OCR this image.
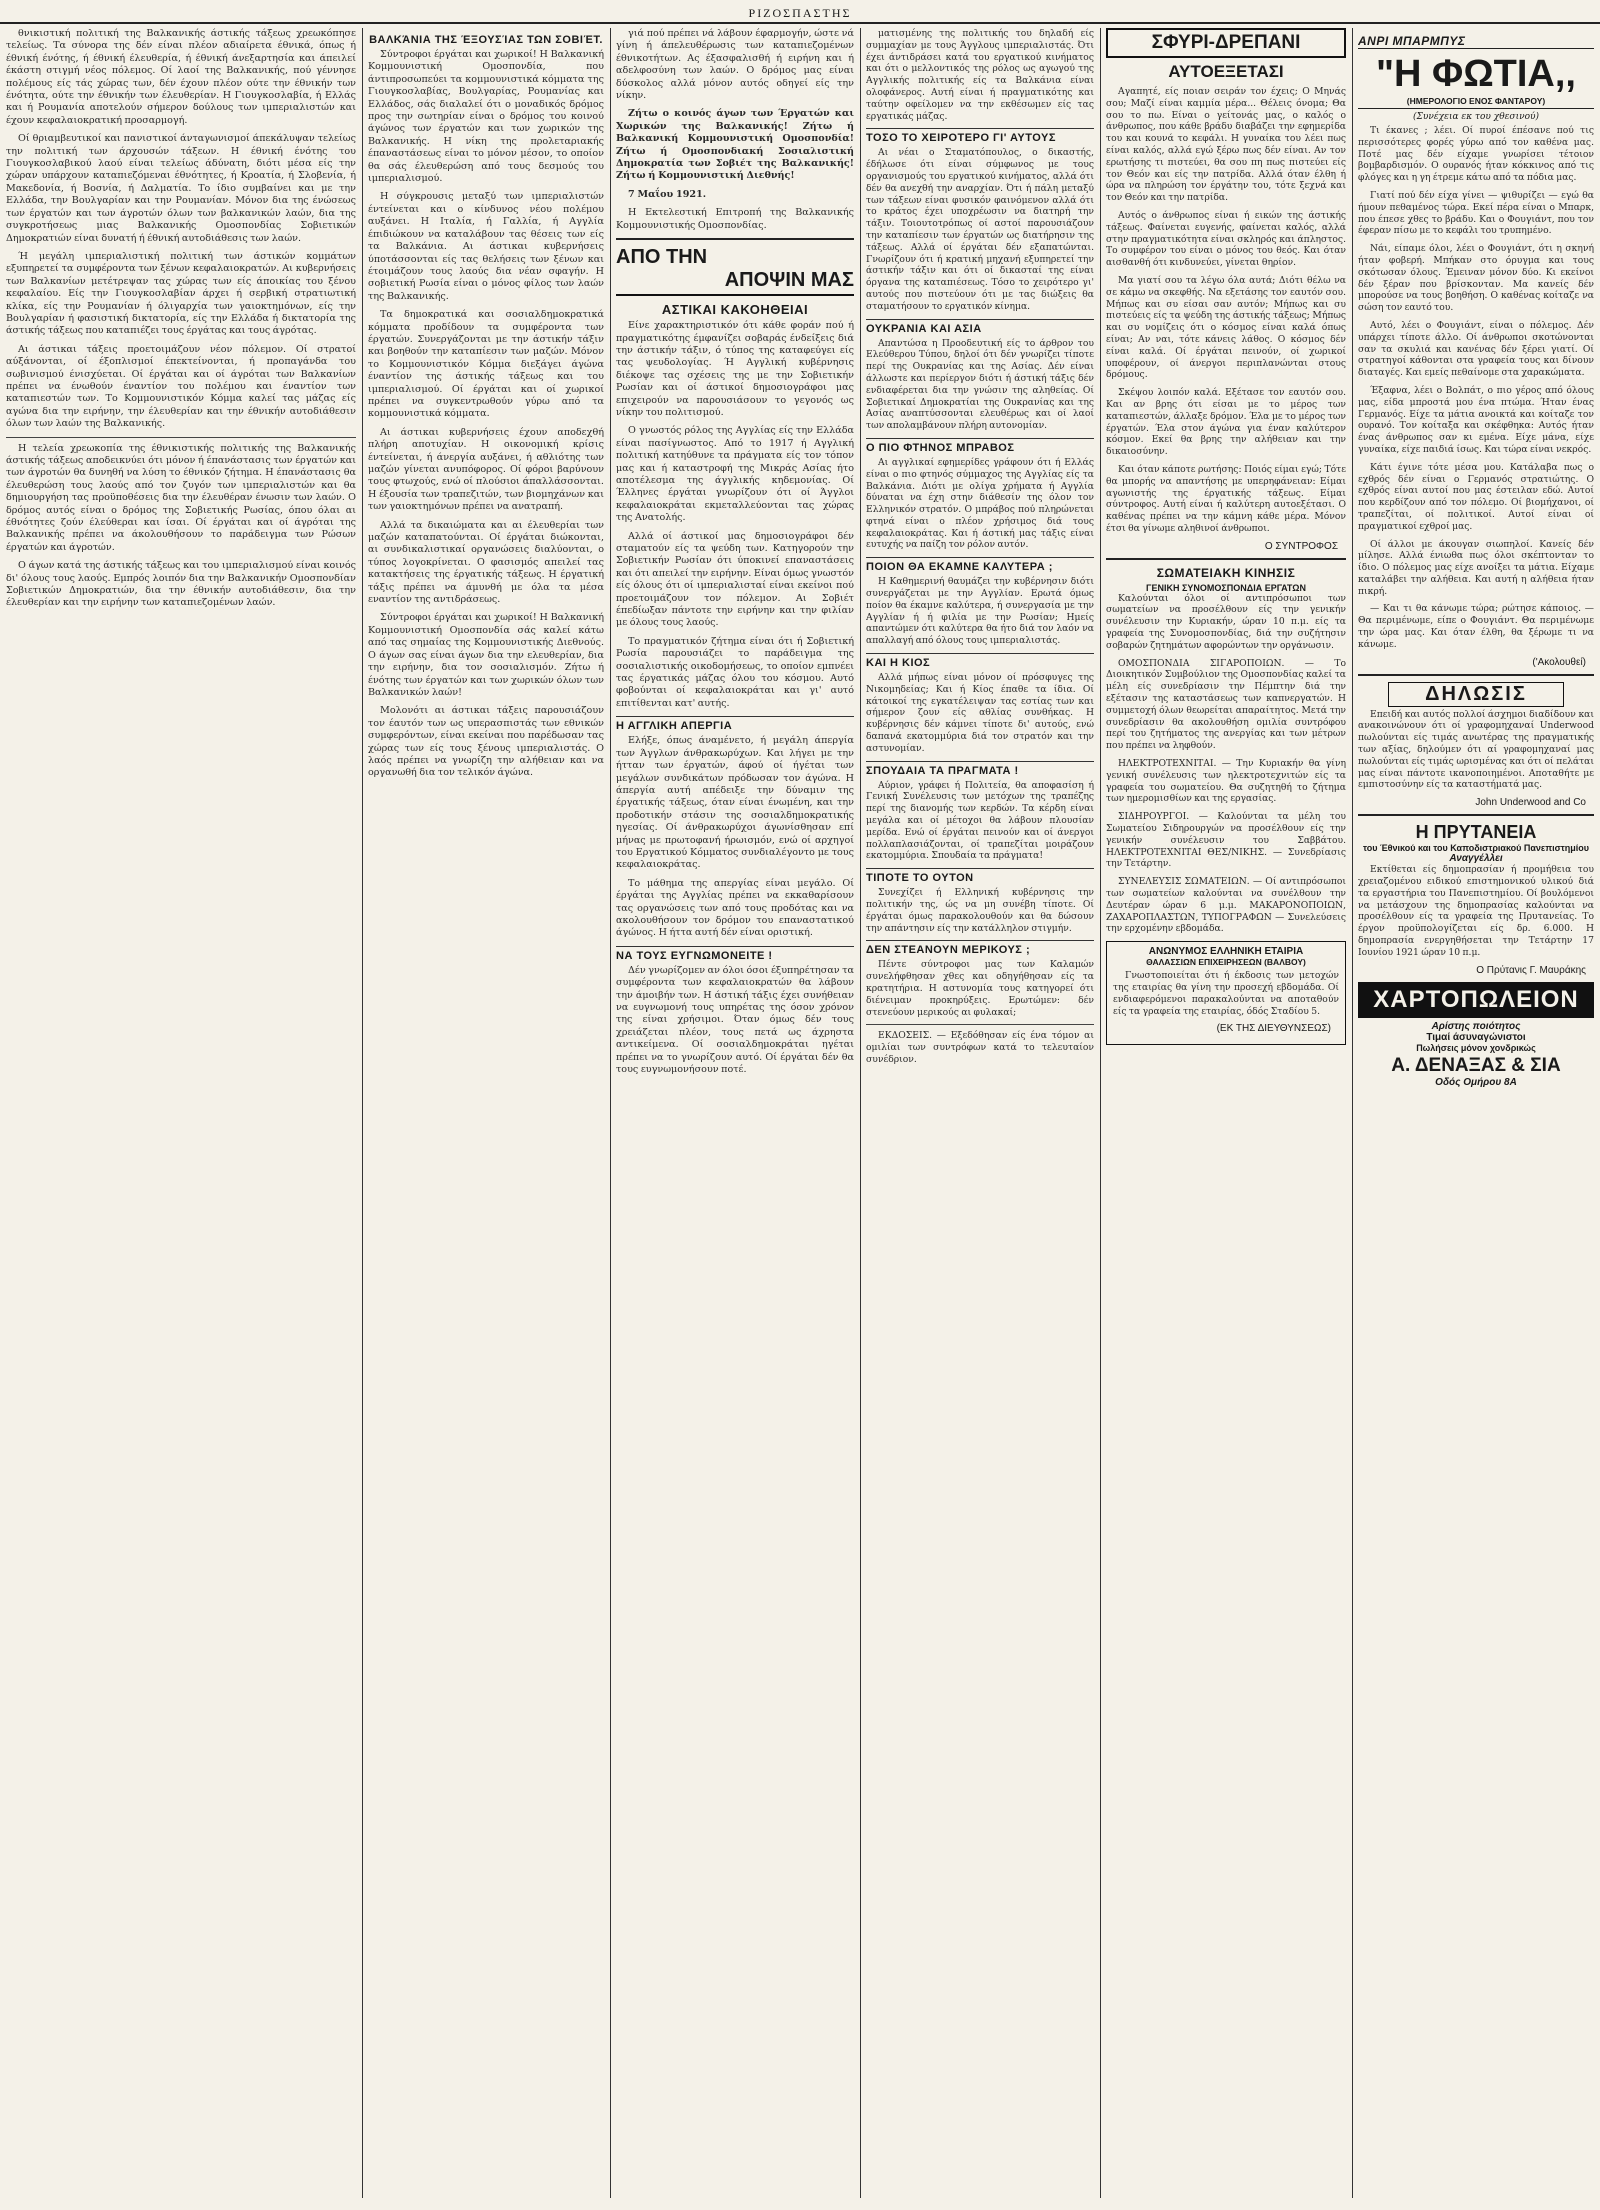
ΡΙΖΟΣΠΑΣΤΗΣ

θνικιστική πολιτική της Βαλκανικής άστικής τάξεως χρεωκόπησε τελείως. Τα σύνορα της δέν είναι πλέον αδιαίρετα έθνικά, όπως ή έθνική ένότης, ή έθνική έλευθερία, ή έθνική άνεξαρτησία και άπειλεί έκάστη στιγμή νέος πόλεμος. Οί λαοί της Βαλκανικής, πού γέννησε πολέμους είς τάς χώρας των, δέν έχουν πλέον ούτε την έθνικήν των ένότητα, ούτε την έθνικήν των έλευθερίαν. Η Γιουγκοσλαβία, ή Ελλάς και ή Ρουμανία αποτελούν σήμερον δούλους των ιμπεριαλιστών και έχουν κεφαλαιοκρατική προσαρμογή.

Οί θριαμβευτικοί και πανιστικοί άνταγωνισμοί άπεκάλυψαν τελείως την πολιτική των άρχουσών τάξεων. Η έθνική ένότης του Γιουγκοσλαβικού λαού είναι τελείως άδύνατη, διότι μέσα είς την χώραν υπάρχουν καταπιεζόμεναι έθνότητες, ή Κροατία, ή Σλοβενία, ή Μακεδονία, ή Βοσνία, ή Δαλματία. Το ίδιο συμβαίνει και με την Ελλάδα, την Βουλγαρίαν και την Ρουμανίαν. Μόνον δια της ένώσεως των έργατών και των άγροτών όλων των βαλκανικών λαών, δια της συγκροτήσεως μιας Βαλκανικής Ομοσπονδίας Σοβιετικών Δημοκρατιών είναι δυνατή ή έθνική αυτοδιάθεσις των λαών.

Ή μεγάλη ιμπεριαλιστική πολιτική των άστικών κομμάτων εξυπηρετεί τα συμφέροντα των ξένων κεφαλαιοκρατών. Αι κυβερνήσεις των Βαλκανίων μετέτρεψαν τας χώρας των είς άποικίας του ξένου κεφαλαίου. Είς την Γιουγκοσλαβίαν άρχει ή σερβική στρατιωτική κλίκα, είς την Ρουμανίαν ή όλιγαρχία των γαιοκτημόνων, είς την Βουλγαρίαν ή φασιστική δικτατορία, είς την Ελλάδα ή δικτατορία της άστικής τάξεως που καταπιέζει τους έργάτας και τους άγρότας.

Αι άστικαι τάξεις προετοιμάζουν νέον πόλεμον. Οί στρατοί αύξάνονται, οί έξοπλισμοί έπεκτείνονται, ή προπαγάνδα του σωβινισμού ένισχύεται. Οί έργάται και οί άγρόται των Βαλκανίων πρέπει να ένωθούν έναντίον του πολέμου και έναντίον των καταπιεστών των. Το Κομμουνιστικόν Κόμμα καλεί τας μάζας είς αγώνα δια την ειρήνην, την έλευθερίαν και την έθνικήν αυτοδιάθεσιν όλων των λαών της Βαλκανικής.

Η τελεία χρεωκοπία της έθνικιστικής πολιτικής της Βαλκανικής άστικής τάξεως αποδεικνύει ότι μόνον ή έπανάστασις των έργατών και των άγροτών θα δυνηθή να λύση το έθνικόν ζήτημα. Η έπανάστασις θα έλευθερώση τους λαούς από τον ζυγόν των ιμπεριαλιστών και θα δημιουργήση τας προϋποθέσεις δια την έλευθέραν ένωσιν των λαών. Ο δρόμος αυτός είναι ο δρόμος της Σοβιετικής Ρωσίας, όπου όλαι αι έθνότητες ζούν έλεύθεραι και ίσαι. Οί έργάται και οί άγρόται της Βαλκανικής πρέπει να άκολουθήσουν το παράδειγμα των Ρώσων έργατών και άγροτών.

Ο άγων κατά της άστικής τάξεως και του ιμπεριαλισμού είναι κοινός δι' όλους τους λαούς. Εμπρός λοιπόν δια την Βαλκανικήν Ομοσπονδίαν Σοβιετικών Δημοκρατιών, δια την έθνικήν αυτοδιάθεσιν, δια την έλευθερίαν και την ειρήνην των καταπιεζομένων λαών.

ΒΑΛΚΆΝΙΑ ΤΗΣ ΈΞΟΥΣΊΑΣ ΤΩΝ ΣΟΒΙΈΤ.

Σύντροφοι έργάται και χωρικοί! Η Βαλκανική Κομμουνιστική Ομοσπονδία, που άντιπροσωπεύει τα κομμουνιστικά κόμματα της Γιουγκοσλαβίας, Βουλγαρίας, Ρουμανίας και Ελλάδος, σάς διαλαλεί ότι ο μοναδικός δρόμος προς την σωτηρίαν είναι ο δρόμος του κοινού άγώνος των έργατών και των χωρικών της Βαλκανικής. Η νίκη της προλεταριακής έπαναστάσεως είναι το μόνον μέσον, το οποίον θα σάς έλευθερώση από τους δεσμούς του ιμπεριαλισμού.

Η σύγκρουσις μεταξύ των ιμπεριαλιστών έντείνεται και ο κίνδυνος νέου πολέμου αυξάνει. Η Ιταλία, ή Γαλλία, ή Αγγλία έπιδιώκουν να καταλάβουν τας θέσεις των είς τα Βαλκάνια. Αι άστικαι κυβερνήσεις ύποτάσσονται είς τας θελήσεις των ξένων και έτοιμάζουν τους λαούς δια νέαν σφαγήν. Η σοβιετική Ρωσία είναι ο μόνος φίλος των λαών της Βαλκανικής.

Τα δημοκρατικά και σοσιαλδημοκρατικά κόμματα προδίδουν τα συμφέροντα των έργατών. Συνεργάζονται με την άστικήν τάξιν και βοηθούν την καταπίεσιν των μαζών. Μόνον το Κομμουνιστικόν Κόμμα διεξάγει άγώνα έναντίον της άστικής τάξεως και του ιμπεριαλισμού. Οί έργάται και οί χωρικοί πρέπει να συγκεντρωθούν γύρω από τα κομμουνιστικά κόμματα.

Αι άστικαι κυβερνήσεις έχουν αποδεχθή πλήρη αποτυχίαν. Η οικονομική κρίσις έντείνεται, ή άνεργία αυξάνει, ή αθλιότης των μαζών γίνεται ανυπόφορος. Οί φόροι βαρύνουν τους φτωχούς, ενώ οί πλούσιοι άπαλλάσσονται. Η έξουσία των τραπεζιτών, των βιομηχάνων και των γαιοκτημόνων πρέπει να ανατραπή.

Αλλά τα δικαιώματα και αι έλευθερίαι των μαζών καταπατούνται. Οί έργάται διώκονται, αι συνδικαλιστικαί οργανώσεις διαλύονται, ο τύπος λογοκρίνεται. Ο φασισμός απειλεί τας κατακτήσεις της έργατικής τάξεως. Η έργατική τάξις πρέπει να άμυνθή με όλα τα μέσα εναντίον της αντιδράσεως.

Σύντροφοι έργάται και χωρικοί! Η Βαλκανική Κομμουνιστική Ομοσπονδία σάς καλεί κάτω από τας σημαίας της Κομμουνιστικής Διεθνούς. Ο άγων σας είναι άγων δια την ελευθερίαν, δια την ειρήνην, δια τον σοσιαλισμόν. Ζήτω ή ένότης των έργατών και των χωρικών όλων των Βαλκανικών λαών!

Μολονότι αι άστικαι τάξεις παρουσιάζουν τον έαυτόν των ως υπερασπιστάς των εθνικών συμφερόντων, είναι εκείναι που παρέδωσαν τας χώρας των είς τους ξένους ιμπεριαλιστάς. Ο λαός πρέπει να γνωρίζη την αλήθειαν και να οργανωθή δια τον τελικόν άγώνα.

γιά πού πρέπει νά λάβουν έφαρμογήν, ώστε νά γίνη ή άπελευθέρωσις των καταπιεζομένων έθνικοτήτων. Ας έξασφαλισθή ή ειρήνη και ή αδελφοσύνη των λαών. Ο δρόμος μας είναι δύσκολος αλλά μόνον αυτός οδηγεί είς την νίκην.

Ζήτω ο κοινός άγων των Έργατών και Χωρικών της Βαλκανικής! Ζήτω ή Βαλκανική Κομμουνιστική Ομοσπονδία! Ζήτω ή Ομοσπονδιακή Σοσιαλιστική Δημοκρατία των Σοβιέτ της Βαλκανικής! Ζήτω ή Κομμουνιστική Διεθνής!

7 Μαΐου 1921.

Η Εκτελεστική Επιτροπή της Βαλκανικής Κομμουνιστικής Ομοσπονδίας.

ΑΠΟ ΤΗΝ
ΑΠΟΨΙΝ ΜΑΣ
ΑΣΤΙΚΑΙ ΚΑΚΟΗΘΕΙΑΙ

Είνε χαρακτηριστικόν ότι κάθε φοράν πού ή πραγματικότης έμφανίζει σοβαράς ένδείξεις διά την άστικήν τάξιν, ό τύπος της καταφεύγει είς τας ψευδολογίας. Ή Αγγλική κυβέρνησις διέκοψε τας σχέσεις της με την Σοβιετικήν Ρωσίαν και οί άστικοί δημοσιογράφοι μας επιχειρούν να παρουσιάσουν το γεγονός ως νίκην του πολιτισμού.

Ο γνωστός ρόλος της Αγγλίας είς την Ελλάδα είναι πασίγνωστος. Από το 1917 ή Αγγλική πολιτική κατηύθυνε τα πράγματα είς τον τόπον μας και ή καταστροφή της Μικράς Ασίας ήτο αποτέλεσμα της άγγλικής κηδεμονίας. Οί Έλληνες έργάται γνωρίζουν ότι οί Άγγλοι κεφαλαιοκράται εκμεταλλεύονται τας χώρας της Ανατολής.

Αλλά οί άστικοί μας δημοσιογράφοι δέν σταματούν είς τα ψεύδη των. Κατηγορούν την Σοβιετικήν Ρωσίαν ότι ύποκινεί επαναστάσεις και ότι απειλεί την ειρήνην. Είναι όμως γνωστόν είς όλους ότι οί ιμπεριαλισταί είναι εκείνοι πού προετοιμάζουν τον πόλεμον. Αι Σοβιέτ έπεδίωξαν πάντοτε την ειρήνην και την φιλίαν με όλους τους λαούς.

Το πραγματικόν ζήτημα είναι ότι ή Σοβιετική Ρωσία παρουσιάζει το παράδειγμα της σοσιαλιστικής οικοδομήσεως, το οποίον εμπνέει τας έργατικάς μάζας όλου του κόσμου. Αυτό φοβούνται οί κεφαλαιοκράται και γι' αυτό επιτίθενται κατ' αυτής.

Η ΑΓΓΛΙΚΗ ΑΠΕΡΓΙΑ

Ελήξε, όπως άναμένετο, ή μεγάλη άπεργία των Άγγλων άνθρακωρύχων. Και λήγει με την ήτταν των έργατών, άφού οί ήγέται των μεγάλων συνδικάτων πρόδωσαν τον άγώνα. Η άπεργία αυτή απέδειξε την δύναμιν της έργατικής τάξεως, όταν είναι ένωμένη, και την προδοτικήν στάσιν της σοσιαλδημοκρατικής ηγεσίας. Οί άνθρακωρύχοι άγωνίσθησαν επί μήνας με πρωτοφανή ήρωισμόν, ενώ οί αρχηγοί του Εργατικού Κόμματος συνδιαλέγοντο με τους κεφαλαιοκράτας.

Το μάθημα της απεργίας είναι μεγάλο. Οί έργάται της Αγγλίας πρέπει να εκκαθαρίσουν τας οργανώσεις των από τους προδότας και να ακολουθήσουν τον δρόμον του επαναστατικού άγώνος. Η ήττα αυτή δέν είναι οριστική.

ΝΑ ΤΟΥΣ ΕΥΓΝΩΜΟΝΕΙΤΕ !

Δέν γνωρίζομεν αν όλοι όσοι έξυπηρέτησαν τα συμφέροντα των κεφαλαιοκρατών θα λάβουν την άμοιβήν των. Η άστική τάξις έχει συνήθειαν να ευγνωμονή τους υπηρέτας της όσον χρόνον της είναι χρήσιμοι. Όταν όμως δέν τους χρειάζεται πλέον, τους πετά ως άχρηστα αντικείμενα. Οί σοσιαλδημοκράται ηγέται πρέπει να το γνωρίζουν αυτό. Οί έργάται δέν θα τους ευγνωμονήσουν ποτέ.

ματισμένης της πολιτικής του δηλαδή είς συμμαχίαν με τους Άγγλους ιμπεριαλιστάς. Ότι έχει άντιδράσει κατά του εργατικού κινήματος και ότι ο μελλοντικός της ρόλος ως αγωγού της Αγγλικής πολιτικής είς τα Βαλκάνια είναι ολοφάνερος. Αυτή είναι ή πραγματικότης και ταύτην οφείλομεν να την εκθέσωμεν είς τας εργατικάς μάζας.

ΤΟΣΟ ΤΟ ΧΕΙΡΟΤΕΡΟ ΓΙ' ΑΥΤΟΥΣ

Αι νέαι ο Σταματόπουλος, ο δικαστής, έδήλωσε ότι είναι σύμφωνος με τους οργανισμούς του εργατικού κινήματος, αλλά ότι δέν θα ανεχθή την αναρχίαν. Ότι ή πάλη μεταξύ των τάξεων είναι φυσικόν φαινόμενον αλλά ότι το κράτος έχει υποχρέωσιν να διατηρή την τάξιν. Τοιουτοτρόπως οί αστοί παρουσιάζουν την καταπίεσιν των έργατών ως διατήρησιν της τάξεως. Αλλά οί έργάται δέν εξαπατώνται. Γνωρίζουν ότι ή κρατική μηχανή εξυπηρετεί την άστικήν τάξιν και ότι οί δικασταί της είναι όργανα της καταπιέσεως. Τόσο το χειρότερο γι' αυτούς που πιστεύουν ότι με τας διώξεις θα σταματήσουν το εργατικόν κίνημα.

ΟΥΚΡΑΝΙΑ ΚΑΙ ΑΣΙΑ

Απαντώσα η Προοδευτική είς το άρθρον του Ελεύθερου Τύπου, δηλοί ότι δέν γνωρίζει τίποτε περί της Ουκρανίας και της Ασίας. Δέν είναι άλλωστε και περίεργον διότι ή άστική τάξις δέν ενδιαφέρεται δια την γνώσιν της αληθείας. Οί Σοβιετικαί Δημοκρατίαι της Ουκρανίας και της Ασίας αναπτύσσονται ελευθέρως και οί λαοί των απολαμβάνουν πλήρη αυτονομίαν.

Ο ΠΙΟ ΦΤΗΝΟΣ ΜΠΡΑΒΟΣ

Αι αγγλικαί εφημερίδες γράφουν ότι ή Ελλάς είναι ο πιο φτηνός σύμμαχος της Αγγλίας είς τα Βαλκάνια. Διότι με ολίγα χρήματα ή Αγγλία δύναται να έχη στην διάθεσίν της όλον τον Ελληνικόν στρατόν. Ο μπράβος πού πληρώνεται φτηνά είναι ο πλέον χρήσιμος διά τους κεφαλαιοκράτας. Και ή άστική μας τάξις είναι ευτυχής να παίζη τον ρόλον αυτόν.

ΠΟΙΟΝ ΘΑ ΕΚΑΜΝΕ ΚΑΛΥΤΕΡΑ ;

Η Καθημερινή θαυμάζει την κυβέρνησιν διότι συνεργάζεται με την Αγγλίαν. Ερωτά όμως ποίον θα έκαμνε καλύτερα, ή συνεργασία με την Αγγλίαν ή ή φιλία με την Ρωσίαν; Ημείς απαντώμεν ότι καλύτερα θα ήτο διά τον λαόν να απαλλαγή από όλους τους ιμπεριαλιστάς.

ΚΑΙ Η ΚΙΟΣ

Αλλά μήπως είναι μόνον οί πρόσφυγες της Νικομηδείας; Και ή Κίος έπαθε τα ίδια. Οί κάτοικοί της εγκατέλειψαν τας εστίας των και σήμερον ζουν είς αθλίας συνθήκας. Η κυβέρνησις δέν κάμνει τίποτε δι' αυτούς, ενώ δαπανά εκατομμύρια διά τον στρατόν και την αστυνομίαν.

ΣΠΟΥΔΑΙΑ ΤΑ ΠΡΑΓΜΑΤΑ !

Αύριον, γράφει ή Πολιτεία, θα αποφασίση ή Γενική Συνέλευσις των μετόχων της τραπέζης περί της διανομής των κερδών. Τα κέρδη είναι μεγάλα και οί μέτοχοι θα λάβουν πλουσίαν μερίδα. Ενώ οί έργάται πεινούν και οί άνεργοι πολλαπλασιάζονται, οί τραπεζίται μοιράζουν εκατομμύρια. Σπουδαία τα πράγματα!

ΤΙΠΟΤΕ ΤΟ ΟΥΤΟΝ

Συνεχίζει ή Ελληνική κυβέρνησις την πολιτικήν της, ώς να μη συνέβη τίποτε. Οί έργάται όμως παρακολουθούν και θα δώσουν την απάντησιν είς την κατάλληλον στιγμήν.

ΔΕΝ ΣΤΕΑΝΟΥΝ ΜΕΡΙΚΟΥΣ ;

Πέντε σύντροφοι μας των Καλαμών συνελήφθησαν χθες και οδηγήθησαν είς τα κρατητήρια. Η αστυνομία τους κατηγορεί ότι διένειμαν προκηρύξεις. Ερωτώμεν: δέν στενεύουν μερικούς αι φυλακαί;

ΕΚΔΟΣΕΙΣ. — Εξεδόθησαν είς ένα τόμον αι ομιλίαι των συντρόφων κατά το τελευταίον συνέδριον.

ΣΦΥΡΙ-ΔΡΕΠΑΝΙ
ΑΥΤΟΕΞΕΤΑΣΙ

Αγαπητέ, είς ποιαν σειράν τον έχεις; Ο Μηνάς σου; Μαζί είναι καμμία μέρα... Θέλεις όνομα; Θα σου το πω. Είναι ο γείτονάς μας, ο καλός ο άνθρωπος, που κάθε βράδυ διαβάζει την εφημερίδα του και κουνά το κεφάλι. Η γυναίκα του λέει πως είναι καλός, αλλά εγώ ξέρω πως δέν είναι. Αν τον ερωτήσης τι πιστεύει, θα σου πη πως πιστεύει είς τον Θεόν και είς την πατρίδα. Αλλά όταν έλθη ή ώρα να πληρώση τον έργάτην του, τότε ξεχνά και τον Θεόν και την πατρίδα.

Αυτός ο άνθρωπος είναι ή εικών της άστικής τάξεως. Φαίνεται ευγενής, φαίνεται καλός, αλλά στην πραγματικότητα είναι σκληρός και άπληστος. Το συμφέρον του είναι ο μόνος του θεός. Και όταν αισθανθή ότι κινδυνεύει, γίνεται θηρίον.

Μα γιατί σου τα λέγω όλα αυτά; Διότι θέλω να σε κάμω να σκεφθής. Να εξετάσης τον εαυτόν σου. Μήπως και συ είσαι σαν αυτόν; Μήπως και συ πιστεύεις είς τα ψεύδη της άστικής τάξεως; Μήπως και συ νομίζεις ότι ο κόσμος είναι καλά όπως είναι; Αν ναι, τότε κάνεις λάθος. Ο κόσμος δέν είναι καλά. Οί έργάται πεινούν, οί χωρικοί υποφέρουν, οί άνεργοι περιπλανώνται στους δρόμους.

Σκέψου λοιπόν καλά. Εξέτασε τον εαυτόν σου. Και αν βρης ότι είσαι με το μέρος των καταπιεστών, άλλαξε δρόμον. Έλα με το μέρος των έργατών. Έλα στον άγώνα για έναν καλύτερον κόσμον. Εκεί θα βρης την αλήθειαν και την δικαιοσύνην.

Και όταν κάποτε ρωτήσης: Ποιός είμαι εγώ; Τότε θα μπορής να απαντήσης με υπερηφάνειαν: Είμαι αγωνιστής της έργατικής τάξεως. Είμαι σύντροφος. Αυτή είναι ή καλύτερη αυτοεξέτασι. Ο καθένας πρέπει να την κάμνη κάθε μέρα. Μόνον έτσι θα γίνωμε αληθινοί άνθρωποι.

Ο ΣΥΝΤΡΟΦΟΣ
ΣΩΜΑΤΕΙΑΚΗ ΚΙΝΗΣΙΣ
ΓΕΝΙΚΗ ΣΥΝΟΜΟΣΠΟΝΔΙΑ ΕΡΓΑΤΩΝ

Καλούνται όλοι οί αντιπρόσωποι των σωματείων να προσέλθουν είς την γενικήν συνέλευσιν την Κυριακήν, ώραν 10 π.μ. είς τα γραφεία της Συνομοσπονδίας, διά την συζήτησιν σοβαρών ζητημάτων αφορώντων την οργάνωσιν.

ΟΜΟΣΠΟΝΔΙΑ ΣΙΓΑΡΟΠΟΙΩΝ. — Το Διοικητικόν Συμβούλιον της Ομοσπονδίας καλεί τα μέλη είς συνεδρίασιν την Πέμπτην διά την εξέτασιν της καταστάσεως των καπνεργατών. Η συμμετοχή όλων θεωρείται απαραίτητος. Μετά την συνεδρίασιν θα ακολουθήση ομιλία συντρόφου περί του ζητήματος της ανεργίας και των μέτρων που πρέπει να ληφθούν.

ΗΛΕΚΤΡΟΤΕΧΝΙΤΑΙ. — Την Κυριακήν θα γίνη γενική συνέλευσις των ηλεκτροτεχνιτών είς τα γραφεία του σωματείου. Θα συζητηθή το ζήτημα των ημερομισθίων και της εργασίας.

ΣΙΔΗΡΟΥΡΓΟΙ. — Καλούνται τα μέλη του Σωματείου Σιδηρουργών να προσέλθουν είς την γενικήν συνέλευσιν του Σαββάτου. ΗΛΕΚΤΡΟΤΕΧΝΙΤΑΙ ΘΕΣ/ΝΙΚΗΣ. — Συνεδρίασις την Τετάρτην.

ΣΥΝΕΛΕΥΣΙΣ ΣΩΜΑΤΕΙΩΝ. — Οί αντιπρόσωποι των σωματείων καλούνται να συνέλθουν την Δευτέραν ώραν 6 μ.μ. ΜΑΚΑΡΟΝΟΠΟΙΩΝ, ΖΑΧΑΡΟΠΛΑΣΤΩΝ, ΤΥΠΟΓΡΑΦΩΝ — Συνελεύσεις την ερχομένην εβδομάδα.

ΑΝΩΝΥΜΟΣ ΕΛΛΗΝΙΚΗ ΕΤΑΙΡΙΑ
ΘΑΛΑΣΣΙΩΝ ΕΠΙΧΕΙΡΗΣΕΩΝ (ΒΑΛΒΟΥ)

Γνωστοποιείται ότι ή έκδοσις των μετοχών της εταιρίας θα γίνη την προσεχή εβδομάδα. Οί ενδιαφερόμενοι παρακαλούνται να αποταθούν είς τα γραφεία της εταιρίας, όδός Σταδίου 5.

(ΕΚ ΤΗΣ ΔΙΕΥΘΥΝΣΕΩΣ)
ΑΝΡΙ ΜΠΑΡΜΠΥΣ
"Η ΦΩΤΙΑ,,
(ΗΜΕΡΟΛΟΓΙΟ ΕΝΟΣ ΦΑΝΤΑΡΟΥ)
(Συνέχεια εκ του χθεσινού)

Τι έκανες ; λέει. Οί πυροί έπέσανε πού τις περισσότερες φορές γύρω από τον καθένα μας. Ποτέ μας δέν είχαμε γνωρίσει τέτοιον βομβαρδισμόν. Ο ουρανός ήταν κόκκινος από τις φλόγες και η γη έτρεμε κάτω από τα πόδια μας.

Γιατί πού δέν είχα γίνει — ψιθυρίζει — εγώ θα ήμουν πεθαμένος τώρα. Εκεί πέρα είναι ο Μπαρκ, που έπεσε χθες το βράδυ. Και ο Φουγιάντ, που τον έφεραν πίσω με το κεφάλι του τρυπημένο.

Νάι, είπαμε όλοι, λέει ο Φουγιάντ, ότι η σκηνή ήταν φοβερή. Μπήκαν στο όρυγμα και τους σκότωσαν όλους. Έμειναν μόνον δύο. Κι εκείνοι δέν ξέραν που βρίσκονταν. Μα κανείς δέν μπορούσε να τους βοηθήση. Ο καθένας κοίταζε να σώση τον εαυτό του.

Αυτό, λέει ο Φουγιάντ, είναι ο πόλεμος. Δέν υπάρχει τίποτε άλλο. Οί άνθρωποι σκοτώνονται σαν τα σκυλιά και κανένας δέν ξέρει γιατί. Οί στρατηγοί κάθονται στα γραφεία τους και δίνουν διαταγές. Και εμείς πεθαίνομε στα χαρακώματα.

Έξαφνα, λέει ο Βολπάτ, ο πιο γέρος από όλους μας, είδα μπροστά μου ένα πτώμα. Ήταν ένας Γερμανός. Είχε τα μάτια ανοικτά και κοίταζε τον ουρανό. Τον κοίταξα και σκέφθηκα: Αυτός ήταν ένας άνθρωπος σαν κι εμένα. Είχε μάνα, είχε γυναίκα, είχε παιδιά ίσως. Και τώρα είναι νεκρός.

Κάτι έγινε τότε μέσα μου. Κατάλαβα πως ο εχθρός δέν είναι ο Γερμανός στρατιώτης. Ο εχθρός είναι αυτοί που μας έστειλαν εδώ. Αυτοί που κερδίζουν από τον πόλεμο. Οί βιομήχανοι, οί τραπεζίται, οί πολιτικοί. Αυτοί είναι οί πραγματικοί εχθροί μας.

Οί άλλοι με άκουγαν σιωπηλοί. Κανείς δέν μίλησε. Αλλά ένιωθα πως όλοι σκέπτονταν το ίδιο. Ο πόλεμος μας είχε ανοίξει τα μάτια. Είχαμε καταλάβει την αλήθεια. Και αυτή η αλήθεια ήταν πικρή.

— Και τι θα κάνωμε τώρα; ρώτησε κάποιος. — Θα περιμένωμε, είπε ο Φουγιάντ. Θα περιμένωμε την ώρα μας. Και όταν έλθη, θα ξέρωμε τι να κάνωμε.

('Ακολουθεί)
ΔΗΛΩΣΙΣ

Επειδή και αυτός πολλοί άσχημοι διαδίδουν και ανακοινώνουν ότι οί γραφομηχαναί Underwood πωλούνται είς τιμάς ανωτέρας της πραγματικής των αξίας, δηλούμεν ότι αί γραφομηχαναί μας πωλούνται είς τιμάς ωρισμένας και ότι οί πελάται μας είναι πάντοτε ικανοποιημένοι. Αποταθήτε με εμπιστοσύνην είς τα καταστήματά μας.

John Underwood and Co
Η ΠΡΥΤΑΝΕΙΑ
του Έθνικού και του Καποδιστριακού Πανεπιστημίου
Αναγγέλλει

Εκτίθεται είς δημοπρασίαν ή προμήθεια του χρειαζομένου ειδικού επιστημονικού υλικού διά τα εργαστήρια του Πανεπιστημίου. Οί βουλόμενοι να μετάσχουν της δημοπρασίας καλούνται να προσέλθουν είς τα γραφεία της Πρυτανείας. Το έργον προϋπολογίζεται είς δρ. 6.000. Η δημοπρασία ενεργηθήσεται την Τετάρτην 17 Ιουνίου 1921 ώραν 10 π.μ.

Ο Πρύτανις Γ. Μαυράκης
ΧΑΡΤΟΠΩΛΕΙΟΝ
Αρίστης ποιότητος
Τιμαί άσυναγώνιστοι
Πωλήσεις μόνον χονδρικώς
Α. ΔΕΝΑΞΑΣ & ΣΙΑ
Οδός Ομήρου 8Α
